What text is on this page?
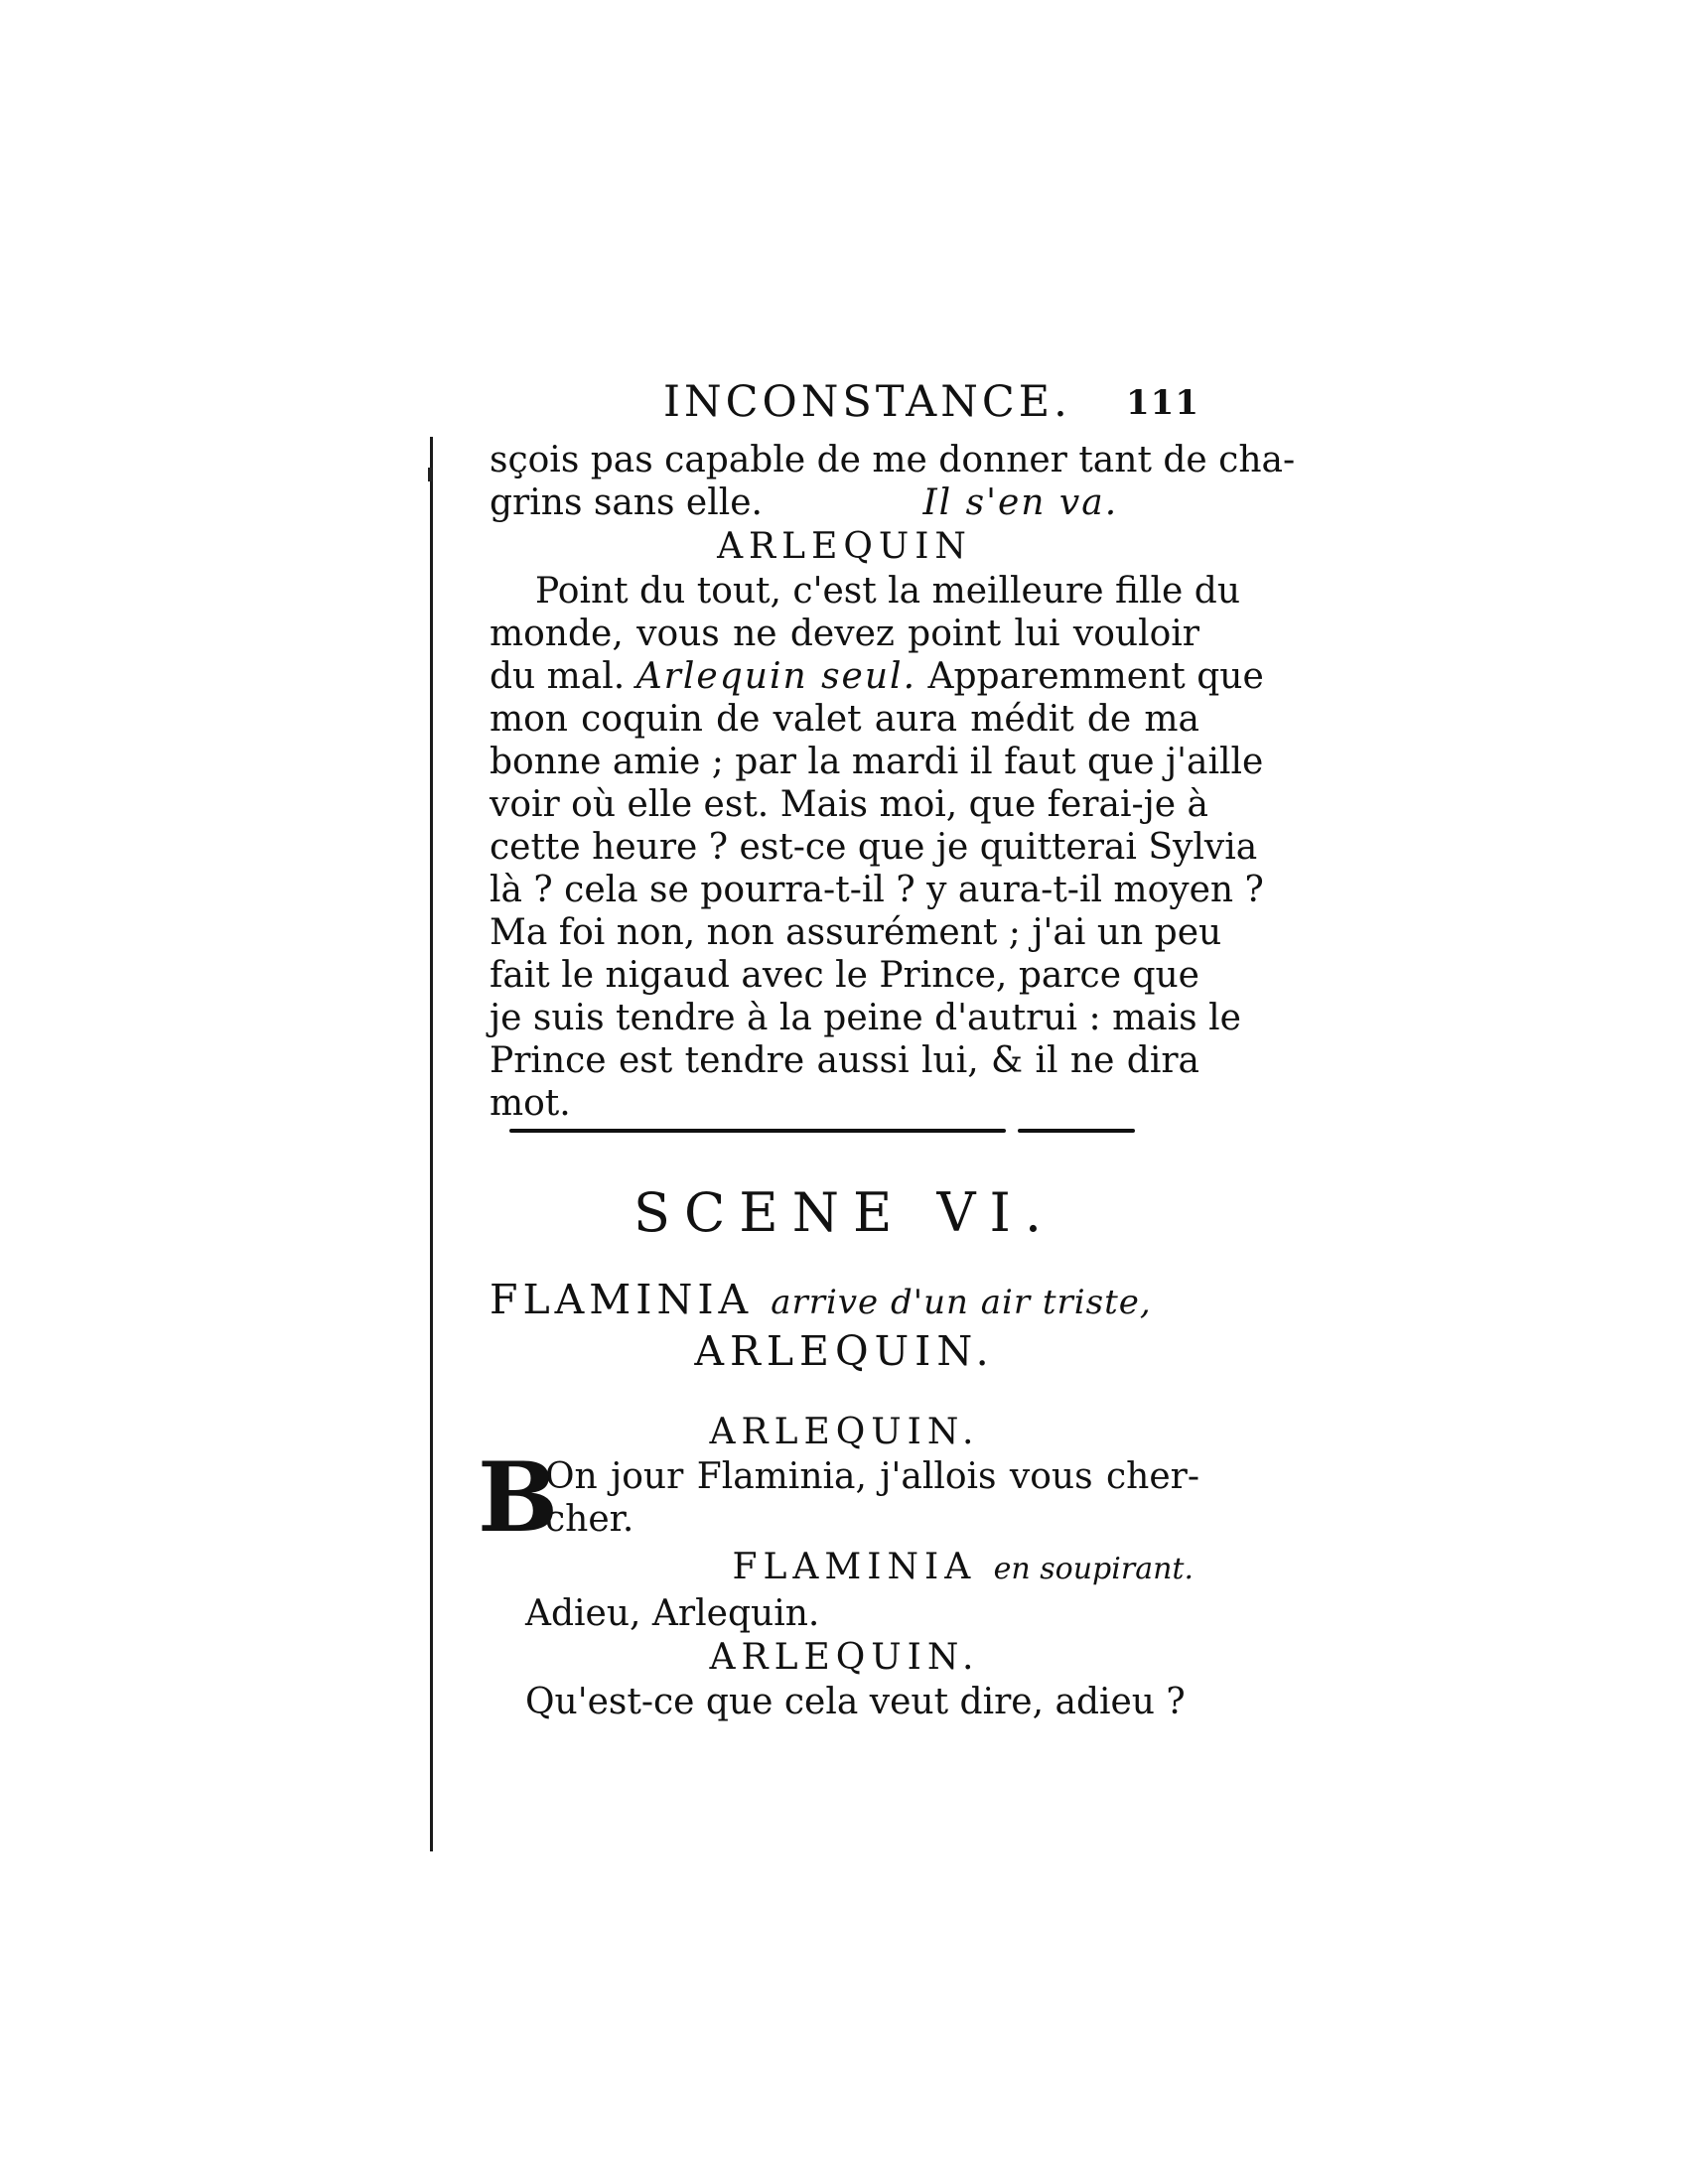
INCONSTANCE. 111
sçois pas capable de me donner tant de cha-
grins sans elle.	Il s'en va.
ARLEQUIN
Point du tout, c'est la meilleure fille du
monde, vous ne devez point lui vouloir
du mal. Arlequin seul. Apparemment que
mon coquin de valet aura médit de ma
bonne amie ; par la mardi il faut que j'aille
voir où elle est. Mais moi, que ferai-je à
cette heure ? est-ce que je quitterai Sylvia
là ? cela se pourra-t-il ? y aura-t-il moyen ?
Ma foi non, non assurément ; j'ai un peu
fait le nigaud avec le Prince, parce que
je suis tendre à la peine d'autrui : mais le
Prince est tendre aussi lui, & il ne dira
mot.
SCENE VI.
FLAMINIA arrive d'un air triste,
ARLEQUIN.
ARLEQUIN.
B
On jour Flaminia, j'allois vous cher-
cher.
FLAMINIA en soupirant.
Adieu, Arlequin.
ARLEQUIN.
Qu'est-ce que cela veut dire, adieu ?
